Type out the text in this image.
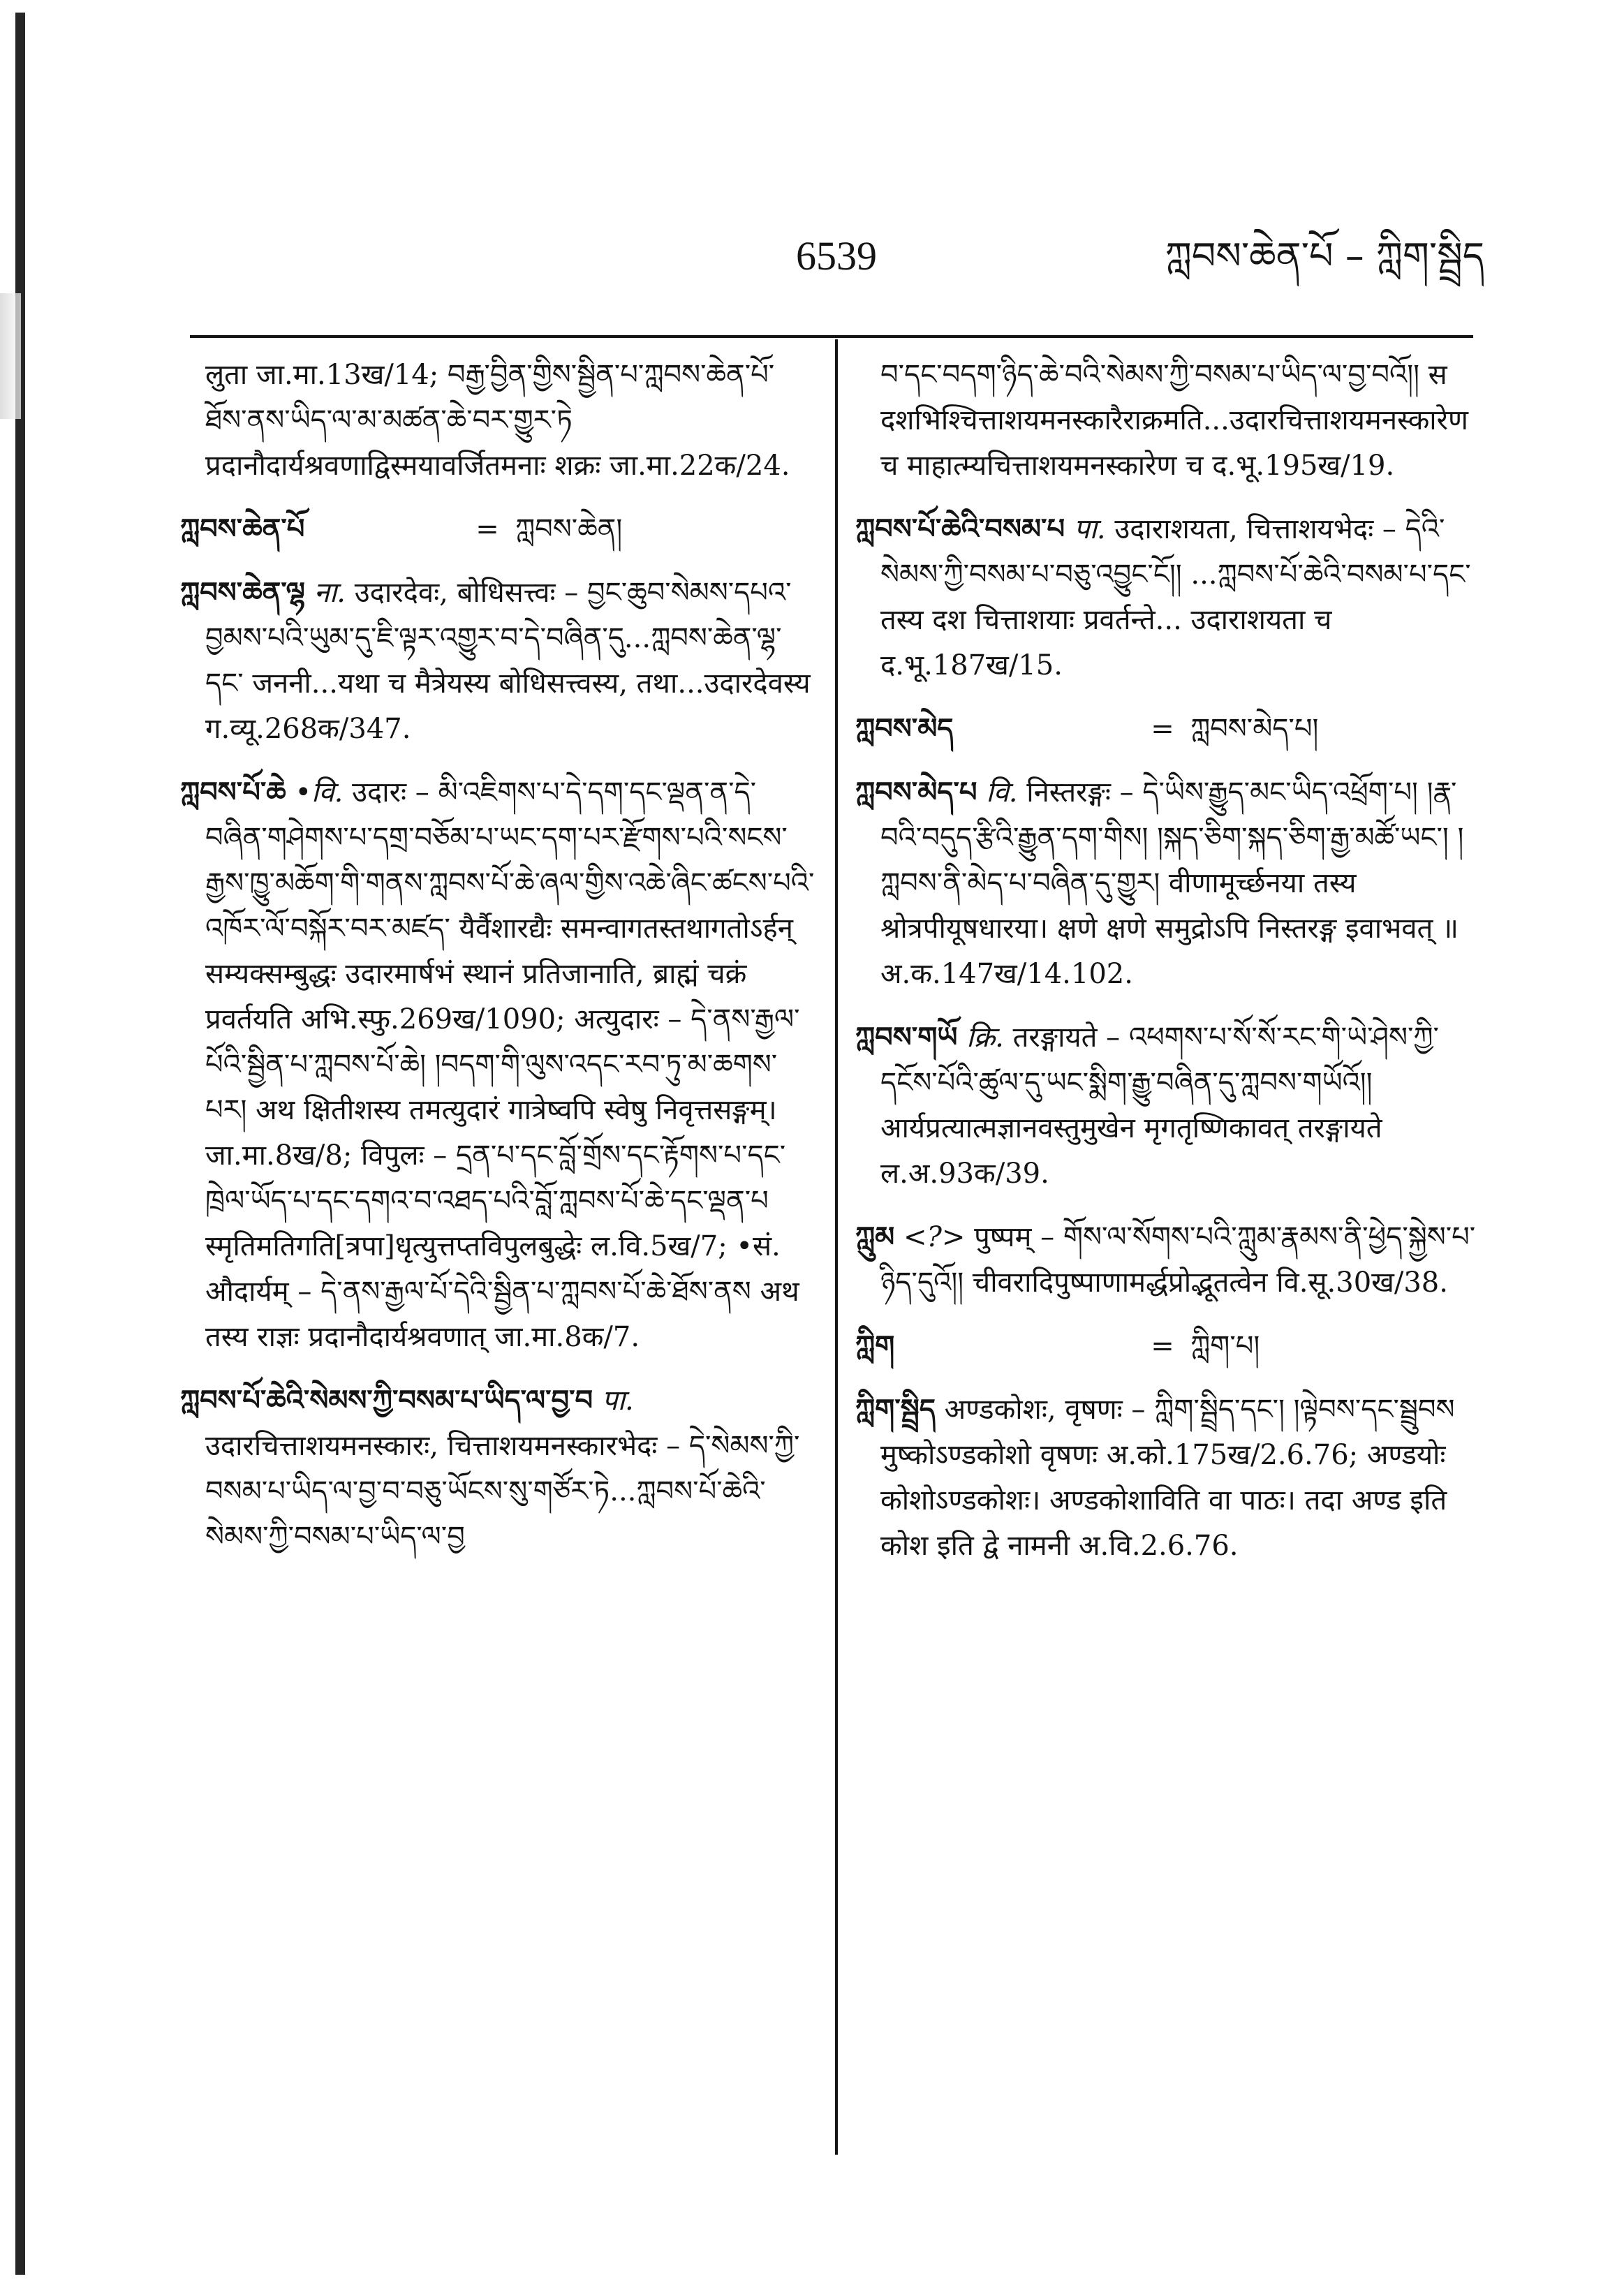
6539	ཀླབས་ཆེན་པོ – ཀླིག་སྦྲིད
लुता जा.मा.13ख/14; བརྒྱ་བྱིན་གྱིས་སྦྱིན་པ་ཀླབས་ཆེན་པོ་ཐོས་ནས་ཡིད་ལ་མ་མཚན་ཆེ་བར་གྱུར་ཏེ प्रदानौदार्यश्रवणाद्विस्मयावर्जितमनाः शक्रः जा.मा.22क/24.
ཀླབས་ཆེན་པོ	= ཀླབས་ཆེན།
ཀླབས་ཆེན་ལྷ ना. उदारदेवः, बोधिसत्त्वः – བྱང་ཆུབ་སེམས་དཔའ་བྱམས་པའི་ཡུམ་དུ་ཇི་ལྟར་འགྱུར་བ་དེ་བཞིན་དུ...ཀླབས་ཆེན་ལྷ་དང་ जननी...यथा च मैत्रेयस्य बोधिसत्त्वस्य, तथा...उदारदेवस्य ग.व्यू.268क/347.
ཀླབས་པོ་ཆེ •वि. उदारः – མི་འཇིགས་པ་དེ་དག་དང་ལྡན་ན་དེ་བཞིན་གཤེགས་པ་དགྲ་བཅོམ་པ་ཡང་དག་པར་རྫོགས་པའི་སངས་རྒྱས་ཁྱུ་མཆོག་གི་གནས་ཀླབས་པོ་ཆེ་ཞལ་གྱིས་འཆེ་ཞིང་ཚངས་པའི་འཁོར་ལོ་བསྐོར་བར་མཛད་ यैर्वैशारद्यैः समन्वागतस्तथागतोऽर्हन् सम्यक्सम्बुद्धः उदारमार्षभं स्थानं प्रतिजानाति, ब्राह्मं चक्रं प्रवर्तयति अभि.स्फु.269ख/1090; अत्युदारः – དེ་ནས་རྒྱལ་པོའི་སྦྱིན་པ་ཀླབས་པོ་ཆེ། །བདག་གི་ལུས་འདང་རབ་ཏུ་མ་ཆགས་པར། अथ क्षितीशस्य तमत्युदारं गात्रेष्वपि स्वेषु निवृत्तसङ्गम्। जा.मा.8ख/8; विपुलः – དྲན་པ་དང་བློ་གྲོས་དང་རྟོགས་པ་དང་ཁྲེལ་ཡོད་པ་དང་དགའ་བ་འཐད་པའི་བློ་ཀླབས་པོ་ཆེ་དང་ལྡན་པ स्मृतिमतिगति[त्रपा]धृत्युत्तप्तविपुलबुद्धेः ल.वि.5ख/7; •सं. औदार्यम् – དེ་ནས་རྒྱལ་པོ་དེའི་སྦྱིན་པ་ཀླབས་པོ་ཆེ་ཐོས་ནས अथ तस्य राज्ञः प्रदानौदार्यश्रवणात् जा.मा.8क/7.
ཀླབས་པོ་ཆེའི་སེམས་ཀྱི་བསམ་པ་ཡིད་ལ་བྱ་བ पा. उदारचित्ताशयमनस्कारः, चित्ताशयमनस्कारभेदः – དེ་སེམས་ཀྱི་བསམ་པ་ཡིད་ལ་བྱ་བ་བཅུ་ཡོངས་སུ་གཙོར་ཏེ...ཀླབས་པོ་ཆེའི་སེམས་ཀྱི་བསམ་པ་ཡིད་ལ་བྱ
བ་དང་བདག་ཉིད་ཆེ་བའི་སེམས་ཀྱི་བསམ་པ་ཡིད་ལ་བྱ་བའོ།། स दशभिश्चित्ताशयमनस्कारैराक्रमति...उदारचित्ताशयमनस्कारेण च माहात्म्यचित्ताशयमनस्कारेण च द.भू.195ख/19.
ཀླབས་པོ་ཆེའི་བསམ་པ पा. उदाराशयता, चित्ताशयभेदः – དེའི་སེམས་ཀྱི་བསམ་པ་བཅུ་འབྱུང་ངོ།། ...ཀླབས་པོ་ཆེའི་བསམ་པ་དང་ तस्य दश चित्ताशयाः प्रवर्तन्ते... उदाराशयता च द.भू.187ख/15.
ཀླབས་མེད	= ཀླབས་མེད་པ།
ཀླབས་མེད་པ वि. निस्तरङ्गः – དེ་ཡིས་རྒྱུད་མང་ཡིད་འཕྲོག་པ། །རྣ་བའི་བདུད་རྩིའི་རྒྱུན་དག་གིས། །སྐད་ཅིག་སྐད་ཅིག་རྒྱ་མཚོ་ཡང་། །ཀླབས་ནི་མེད་པ་བཞིན་དུ་གྱུར། वीणामूर्च्छनया तस्य श्रोत्रपीयूषधारया। क्षणे क्षणे समुद्रोऽपि निस्तरङ्ग इवाभवत् ॥ अ.क.147ख/14.102.
ཀླབས་གཡོ क्रि. तरङ्गायते – འཕགས་པ་སོ་སོ་རང་གི་ཡེ་ཤེས་ཀྱི་དངོས་པོའི་ཚུལ་དུ་ཡང་སྨིག་རྒྱུ་བཞིན་དུ་ཀླབས་གཡོའོ།། आर्यप्रत्यात्मज्ञानवस्तुमुखेन मृगतृष्णिकावत् तरङ्गायते ल.अ.93क/39.
ཀླུམ <?> पुष्पम् – གོས་ལ་སོགས་པའི་ཀླུམ་རྣམས་ནི་ཕྱེད་སྐྱེས་པ་ཉིད་དུའོ།། चीवरादिपुष्पाणामर्द्धप्रोद्भूतत्वेन वि.सू.30ख/38.
ཀླིག	= ཀླིག་པ།
ཀླིག་སྦྲིད अण्डकोशः, वृषणः – ཀླིག་སྦྲིད་དང་། །ལྟེབས་དང་སྦྲུབས मुष्कोऽण्डकोशो वृषणः अ.को.175ख/2.6.76; अण्डयोः कोशोऽण्डकोशः। अण्डकोशाविति वा पाठः। तदा अण्ड इति कोश इति द्वे नामनी अ.वि.2.6.76.
